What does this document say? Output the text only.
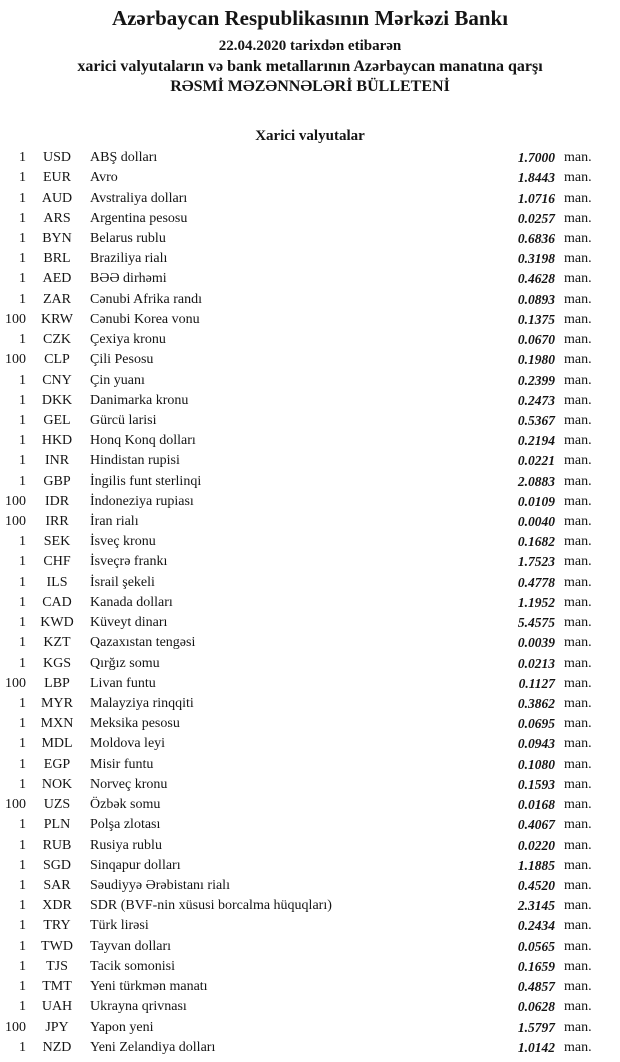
Azərbaycan Respublikasının Mərkəzi Bankı
22.04.2020 tarixdən etibarən
xarici valyutaların və bank metallarının Azərbaycan manatına qarşı
RƏSMİ MƏZƏNNƏLƏRİ BÜLLETENİ
Xarici valyutalar
1	USD	ABŞ dolları	1.7000 man.
1	EUR	Avro	1.8443 man.
1	AUD	Avstraliya dolları	1.0716 man.
1	ARS	Argentina pesosu	0.0257 man.
1	BYN	Belarus rublu	0.6836 man.
1	BRL	Braziliya rialı	0.3198 man.
1	AED	BƏƏ dirhəmi	0.4628 man.
1	ZAR	Cənubi Afrika randı	0.0893 man.
100	KRW	Cənubi Korea vonu	0.1375 man.
1	CZK	Çexiya kronu	0.0670 man.
100	CLP	Çili Pesosu	0.1980 man.
1	CNY	Çin yuanı	0.2399 man.
1	DKK	Danimarka kronu	0.2473 man.
1	GEL	Gürcü larisi	0.5367 man.
1	HKD	Honq Konq dolları	0.2194 man.
1	INR	Hindistan rupisi	0.0221 man.
1	GBP	İngilis funt sterlinqi	2.0883 man.
100	IDR	İndoneziya rupiası	0.0109 man.
100	IRR	İran rialı	0.0040 man.
1	SEK	İsveç kronu	0.1682 man.
1	CHF	İsveçrə frankı	1.7523 man.
1	ILS	İsrail şekeli	0.4778 man.
1	CAD	Kanada dolları	1.1952 man.
1	KWD	Küveyt dinarı	5.4575 man.
1	KZT	Qazaxıstan tengəsi	0.0039 man.
1	KGS	Qırğız somu	0.0213 man.
100	LBP	Livan funtu	0.1127 man.
1	MYR	Malayziya rinqqiti	0.3862 man.
1	MXN	Meksika pesosu	0.0695 man.
1	MDL	Moldova leyi	0.0943 man.
1	EGP	Misir funtu	0.1080 man.
1	NOK	Norveç kronu	0.1593 man.
100	UZS	Özbək somu	0.0168 man.
1	PLN	Polşa zlotası	0.4067 man.
1	RUB	Rusiya rublu	0.0220 man.
1	SGD	Sinqapur dolları	1.1885 man.
1	SAR	Səudiyyə Ərəbistanı rialı	0.4520 man.
1	XDR	SDR (BVF-nin xüsusi borcalma hüquqları)	2.3145 man.
1	TRY	Türk lirəsi	0.2434 man.
1	TWD	Tayvan dolları	0.0565 man.
1	TJS	Tacik somonisi	0.1659 man.
1	TMT	Yeni türkmən manatı	0.4857 man.
1	UAH	Ukrayna qrivnası	0.0628 man.
100	JPY	Yapon yeni	1.5797 man.
1	NZD	Yeni Zelandiya dolları	1.0142 man.
